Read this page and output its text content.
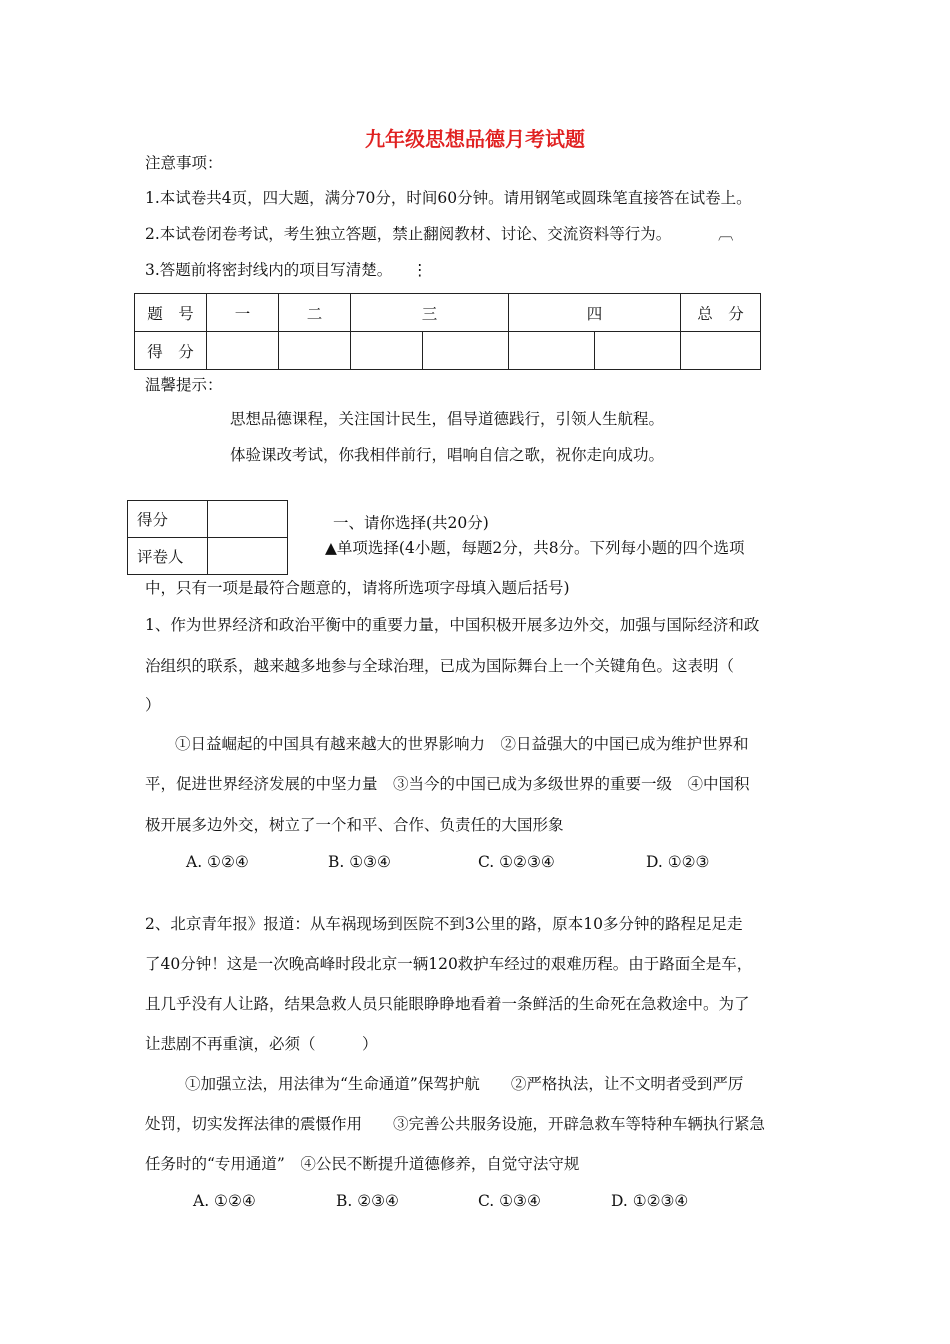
九年级思想品德月考试题
注意事项：
1.本试卷共4页，四大题，满分70分，时间60分钟。请用钢笔或圆珠笔直接答在试卷上。
2.本试卷闭卷考试，考生独立答题，禁止翻阅教材、讨论、交流资料等行为。	︹
3.答题前将密封线内的项目写清楚。 ⋮
题　号	一	二	三		四		总　分
得　分							
温馨提示：
思想品德课程，关注国计民生，倡导道德践行，引领人生航程。
体验课改考试，你我相伴前行，唱响自信之歌，祝你走向成功。
得分	
评卷人	
一、请你选择(共20分)
▲单项选择(4小题，每题2分，共8分。下列每小题的四个选项
中，只有一项是最符合题意的，请将所选项字母填入题后括号)
1、作为世界经济和政治平衡中的重要力量，中国积极开展多边外交，加强与国际经济和政
治组织的联系，越来越多地参与全球治理，已成为国际舞台上一个关键角色。这表明（
）
①日益崛起的中国具有越来越大的世界影响力　②日益强大的中国已成为维护世界和
平，促进世界经济发展的中坚力量　③当今的中国已成为多级世界的重要一级　④中国积
极开展多边外交，树立了一个和平、合作、负责任的大国形象
A. ①②④	B. ①③④	C. ①②③④	D. ①②③
2、北京青年报》报道：从车祸现场到医院不到3公里的路，原本10多分钟的路程足足走
了40分钟！这是一次晚高峰时段北京一辆120救护车经过的艰难历程。由于路面全是车，
且几乎没有人让路，结果急救人员只能眼睁睁地看着一条鲜活的生命死在急救途中。为了
让悲剧不再重演，必须（　　　）
①加强立法，用法律为“生命通道”保驾护航　　②严格执法，让不文明者受到严厉
处罚，切实发挥法律的震慑作用　　③完善公共服务设施，开辟急救车等特种车辆执行紧急
任务时的“专用通道”　④公民不断提升道德修养，自觉守法守规
A. ①②④	B. ②③④	C. ①③④	D. ①②③④
